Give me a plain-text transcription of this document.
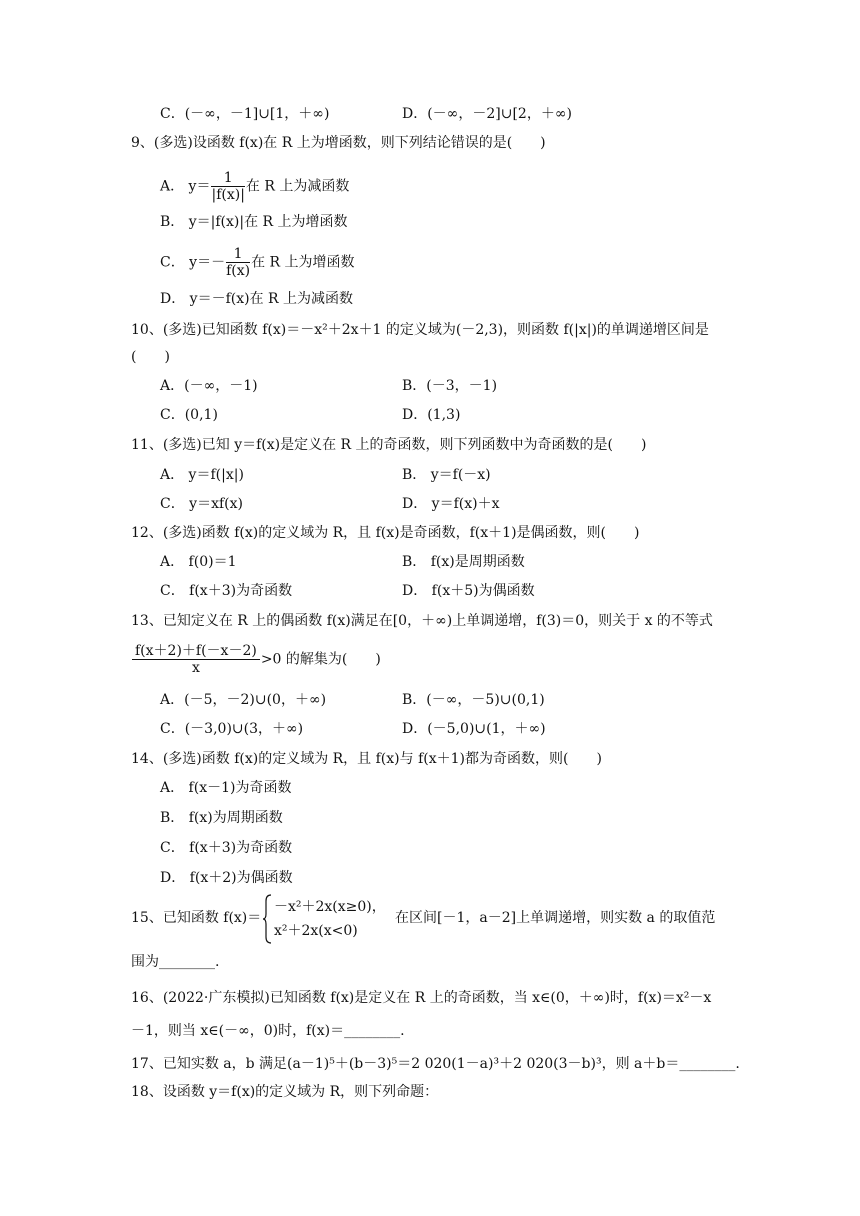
C．(－∞，－1]∪[1，＋∞)	D．(－∞，－2]∪[2，＋∞)
9、(多选)设函数 f(x)在 R 上为增函数，则下列结论错误的是(　　)
A． $y= \frac{1}{|f(x)|}$ 在 R 上为减函数
B． y＝|f(x)|在 R 上为增函数
C． $y=- \frac{1}{f(x)}$ 在 R 上为增函数
D． y＝－f(x)在 R 上为减函数
10、(多选)已知函数 f(x)＝－x²＋2x＋1 的定义域为(－2,3)，则函数 f(|x|)的单调递增区间是
(　　)
A．(－∞，－1)	B．(－3，－1)
C．(0,1)	D．(1,3)
11、(多选)已知 y＝f(x)是定义在 R 上的奇函数，则下列函数中为奇函数的是(　　)
A． y＝f(|x|)	B． y＝f(－x)
C． y＝xf(x)	D． y＝f(x)＋x
12、(多选)函数 f(x)的定义域为 R，且 f(x)是奇函数，f(x＋1)是偶函数，则(　　)
A． f(0)＝1	B． f(x)是周期函数
C． f(x＋3)为奇函数	D． f(x＋5)为偶函数
13、已知定义在 R 上的偶函数 f(x)满足在[0，＋∞)上单调递增，f(3)＝0，则关于 x 的不等式
$\frac{f(x+2)+f(-x-2)}{x} >0$ 的解集为(　　)
A．(－5，－2)∪(0，＋∞)	B．(－∞，－5)∪(0,1)
C．(－3,0)∪(3，＋∞)	D．(－5,0)∪(1，＋∞)
14、(多选)函数 f(x)的定义域为 R，且 f(x)与 f(x＋1)都为奇函数，则(　　)
A． f(x－1)为奇函数
B． f(x)为周期函数
C． f(x＋3)为奇函数
D． f(x＋2)为偶函数
15、已知函数 f(x)＝
－x²＋2x(x≥0)，
x²＋2x(x<0)
在区间[－1，a－2]上单调递增，则实数 a 的取值范
围为________.
16、(2022·广东模拟)已知函数 f(x)是定义在 R 上的奇函数，当 x∈(0，＋∞)时，f(x)＝x²－x
－1，则当 x∈(－∞，0)时，f(x)＝________.
17、已知实数 a，b 满足(a－1)⁵＋(b－3)⁵＝2 020(1－a)³＋2 020(3－b)³，则 a＋b＝________.
18、设函数 y＝f(x)的定义域为 R，则下列命题：
